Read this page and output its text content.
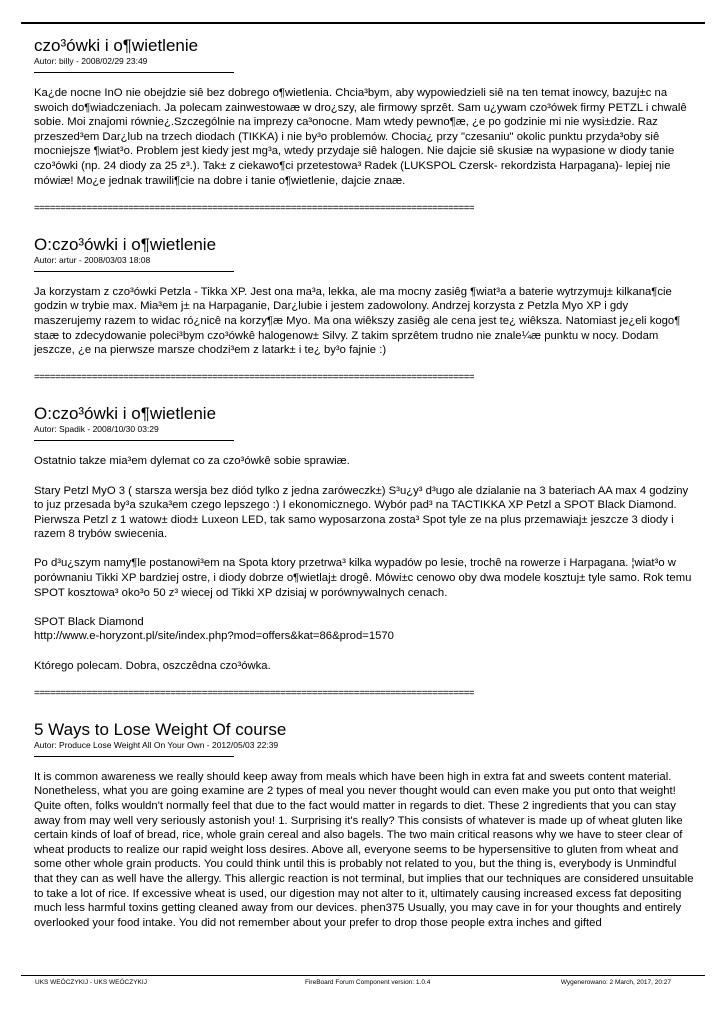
czo³ówki i o¶wietlenie
Autor: billy - 2008/02/29 23:49

Ka¿de nocne InO nie obejdzie siê bez dobrego o¶wietlenia. Chcia³bym, aby wypowiedzieli siê na ten temat inowcy, bazuj±c na swoich do¶wiadczeniach. Ja polecam zainwestowaæ w dro¿szy, ale firmowy sprzêt. Sam u¿ywam czo³ówek firmy PETZL i chwalê sobie. Moi znajomi równie¿.Szczególnie na imprezy ca³onocne. Mam wtedy pewno¶æ, ¿e po godzinie mi nie wysi±dzie. Raz przeszed³em Dar¿lub na trzech diodach (TIKKA) i nie by³o problemów. Chocia¿ przy "czesaniu" okolic punktu przyda³oby siê mocniejsze ¶wiat³o. Problem jest kiedy jest mg³a, wtedy przydaje siê halogen. Nie dajcie siê skusiæ na wypasione w diody tanie czo³ówki (np. 24 diody za 25 z³.). Tak± z ciekawo¶ci przetestowa³ Radek (LUKSPOL Czersk- rekordzista Harpagana)- lepiej nie mówiæ! Mo¿e jednak trawili¶cie na dobre i tanie o¶wietlenie, dajcie znaæ.

====================================================================================
O:czo³ówki i o¶wietlenie
Autor: artur - 2008/03/03 18:08

Ja korzystam z czo³ówki Petzla - Tikka XP. Jest ona ma³a, lekka, ale ma mocny zasiêg ¶wiat³a a baterie wytrzymuj± kilkana¶cie godzin w trybie max. Mia³em j± na Harpaganie, Dar¿lubie i jestem zadowolony. Andrzej korzysta z Petzla Myo XP i gdy maszerujemy razem to widac ró¿nicê na korzy¶æ Myo. Ma ona wiêkszy zasiêg ale cena jest te¿ wiêksza. Natomiast je¿eli kogo¶ staæ to zdecydowanie poleci³bym czo³ówkê halogenow± Silvy. Z takim sprzêtem trudno nie znale¼æ punktu w nocy. Dodam jeszcze, ¿e na pierwsze marsze chodzi³em z latark± i te¿ by³o fajnie :)

====================================================================================
O:czo³ówki i o¶wietlenie
Autor: Spadik - 2008/10/30 03:29

Ostatnio takze mia³em dylemat co za czo³ówkê sobie sprawiæ.

Stary Petzl MyO 3 ( starsza wersja bez diód tylko z jedna zaróweczk±) S³u¿y³ d³ugo ale dzialanie na 3 bateriach AA max 4 godziny to juz przesada by³a szuka³em czego lepszego :) I ekonomicznego. Wybór pad³ na TACTIKKA XP Petzl a SPOT Black Diamond. Pierwsza Petzl z 1 watow± diod± Luxeon LED, tak samo wyposarzona zosta³ Spot tyle ze na plus przemawiaj± jeszcze 3 diody i razem 8 trybów swiecenia.

Po d³u¿szym namy¶le postanowi³em na Spota ktory przetrwa³ kilka wypadów po lesie, trochê na rowerze i Harpagana. ¦wiat³o w porównaniu Tikki XP bardziej ostre, i diody dobrze o¶wietlaj± drogê. Mówi±c cenowo oby dwa modele kosztuj± tyle samo. Rok temu SPOT kosztowa³ oko³o 50 z³ wiecej od Tikki XP dzisiaj w porównywalnych cenach.

SPOT Black Diamond
http://www.e-horyzont.pl/site/index.php?mod=offers&kat=86&prod=1570

Którego polecam. Dobra, oszczêdna czo³ówka.

====================================================================================
5 Ways to Lose Weight Of course
Autor: Produce Lose Weight All On Your Own - 2012/05/03 22:39

It is common awareness we really should keep away from meals which have been high in extra fat and sweets content material. Nonetheless, what you are going examine are 2 types of meal you never thought would can even make you put onto that weight! Quite often, folks wouldn't normally feel that due to the fact would matter in regards to diet. These 2 ingredients that you can stay away from may well very seriously astonish you! 1. Surprising it's really? This consists of whatever is made up of wheat gluten like certain kinds of loaf of bread, rice, whole grain cereal and also bagels. The two main critical reasons why we have to steer clear of wheat products to realize our rapid weight loss desires. Above all, everyone seems to be hypersensitive to gluten from wheat and some other whole grain products. You could think until this is probably not related to you, but the thing is, everybody is Unmindful that they can as well have the allergy. This allergic reaction is not terminal, but implies that our techniques are considered unsuitable to take a lot of rice. If excessive wheat is used, our digestion may not alter to it, ultimately causing increased excess fat depositing much less harmful toxins getting cleaned away from our devices. phen375 Usually, you may cave in for your thoughts and entirely overlooked your food intake. You did not remember about your prefer to drop those people extra inches and gifted

UKS WEÓCZYKIJ - UKS WEÓCZYKIJ	FireBoard Forum Component version: 1.0.4	Wygenerowano: 2 March, 2017, 20:27
